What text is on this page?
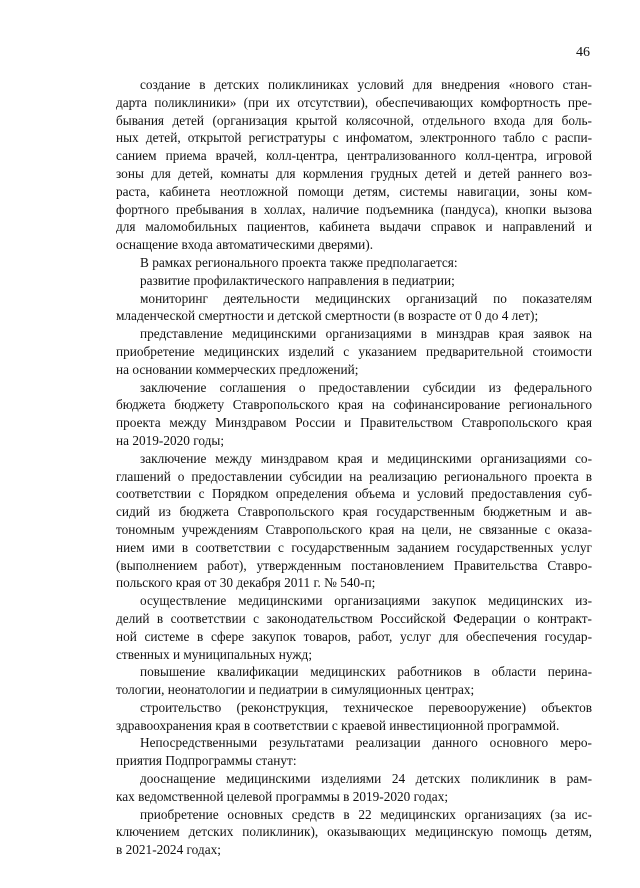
46

создание в детских поликлиниках условий для внедрения «нового стан-
дарта поликлиники» (при их отсутствии), обеспечивающих комфортность пре-
бывания детей (организация крытой колясочной, отдельного входа для боль-
ных детей, открытой регистратуры с инфоматом, электронного табло с распи-
санием приема врачей, колл-центра, централизованного колл-центра, игровой
зоны для детей, комнаты для кормления грудных детей и детей раннего воз-
раста, кабинета неотложной помощи детям, системы навигации, зоны ком-
фортного пребывания в холлах, наличие подъемника (пандуса), кнопки вызова
для маломобильных пациентов, кабинета выдачи справок и направлений и
оснащение входа автоматическими дверями).

В рамках регионального проекта также предполагается:

развитие профилактического направления в педиатрии;

мониторинг деятельности медицинских организаций по показателям
младенческой смертности и детской смертности (в возрасте от 0 до 4 лет);

представление медицинскими организациями в минздрав края заявок на
приобретение медицинских изделий с указанием предварительной стоимости
на основании коммерческих предложений;

заключение соглашения о предоставлении субсидии из федерального
бюджета бюджету Ставропольского края на софинансирование регионального
проекта между Минздравом России и Правительством Ставропольского края
на 2019-2020 годы;

заключение между минздравом края и медицинскими организациями со-
глашений о предоставлении субсидии на реализацию регионального проекта в
соответствии с Порядком определения объема и условий предоставления суб-
сидий из бюджета Ставропольского края государственным бюджетным и ав-
тономным учреждениям Ставропольского края на цели, не связанные с оказа-
нием ими в соответствии с государственным заданием государственных услуг
(выполнением работ), утвержденным постановлением Правительства Ставро-
польского края от 30 декабря 2011 г. № 540-п;

осуществление медицинскими организациями закупок медицинских из-
делий в соответствии с законодательством Российской Федерации о контракт-
ной системе в сфере закупок товаров, работ, услуг для обеспечения государ-
ственных и муниципальных нужд;

повышение квалификации медицинских работников в области перина-
тологии, неонатологии и педиатрии в симуляционных центрах;

строительство (реконструкция, техническое перевооружение) объектов
здравоохранения края в соответствии с краевой инвестиционной программой.

Непосредственными результатами реализации данного основного меро-
приятия Подпрограммы станут:

дооснащение медицинскими изделиями 24 детских поликлиник в рам-
ках ведомственной целевой программы в 2019-2020 годах;

приобретение основных средств в 22 медицинских организациях (за ис-
ключением детских поликлиник), оказывающих медицинскую помощь детям,
в 2021-2024 годах;
